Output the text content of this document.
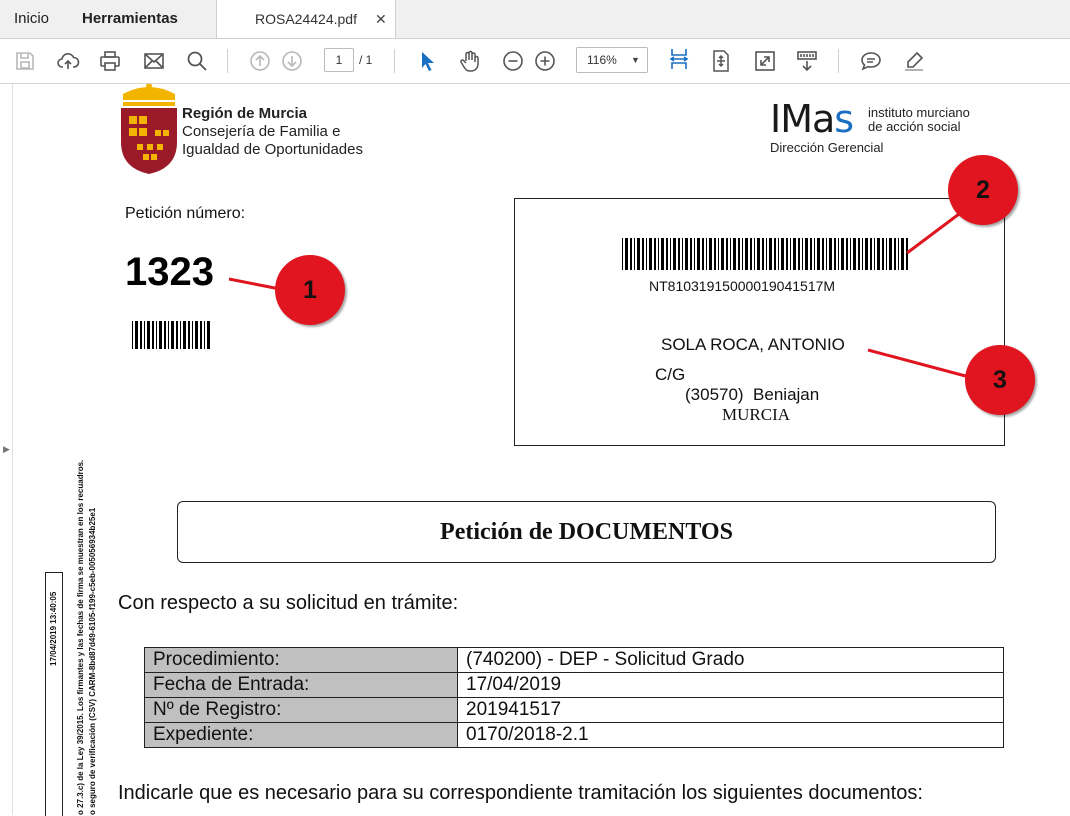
Inicio Herramientas	ROSA24424.pdf ✕
1	/ 1	116% ▼
▶
Región de Murcia
Consejería de Familia e
Igualdad de Oportunidades
IMas instituto murciano
de acción social
Dirección Gerencial
Petición número:
1323	1	NT81031915000019041517M
SOLA ROCA, ANTONIO
C/G
(30570)  Beniajan
MURCIA
2
3
17/04/2019 13:40:05 o 27.3.c) de la Ley 39/2015. Los firmantes y las fechas de firma se muestran en los recuadros. o seguro de verificación (CSV) CARM-8bd87d49-6105-f199-c5eb-005056934b25e1	Petición de DOCUMENTOS
Con respecto a su solicitud en trámite:
Procedimiento:	(740200) - DEP - Solicitud Grado
Fecha de Entrada:	17/04/2019
Nº de Registro:	201941517
Expediente:	0170/2018-2.1
Indicarle que es necesario para su correspondiente tramitación los siguientes documentos:
